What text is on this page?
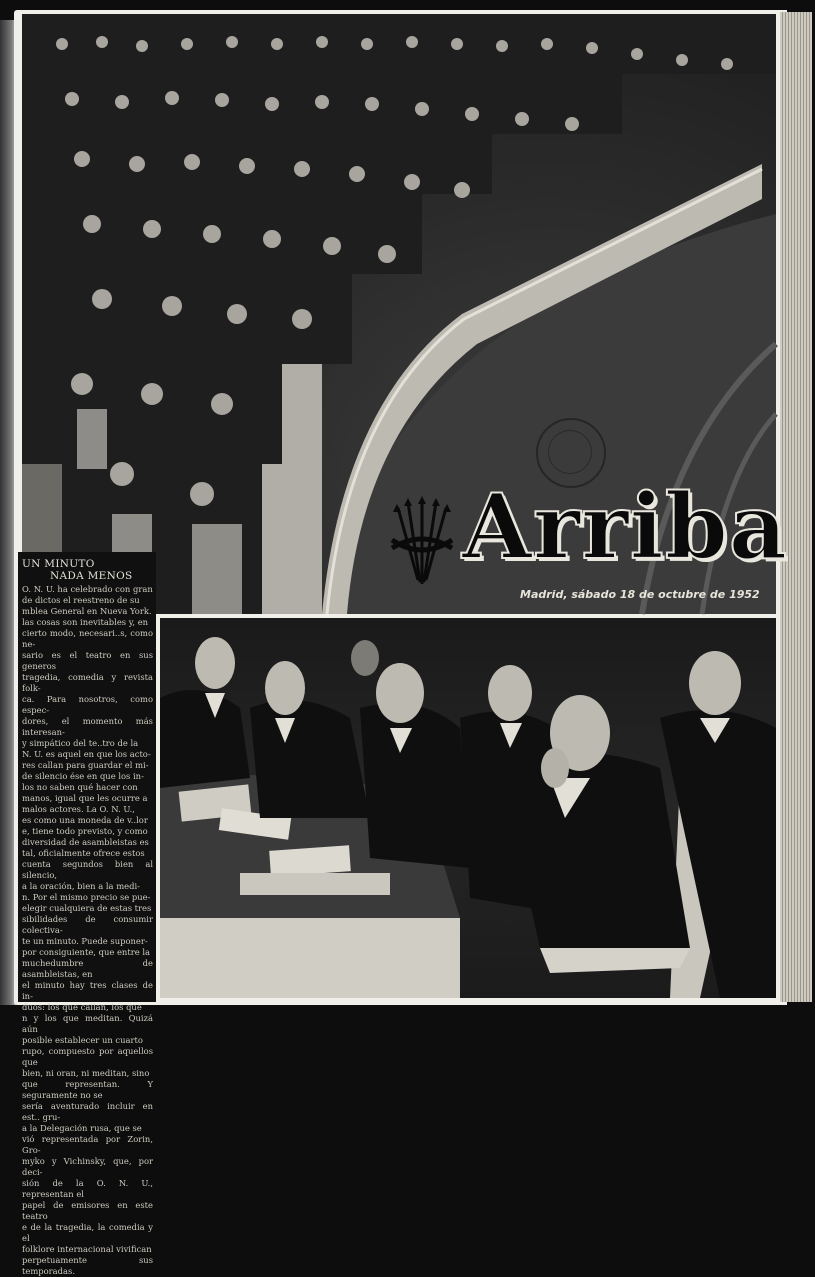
Arriba
Madrid, sábado 18 de octubre de 1952
UN MINUTO
NADA MENOS
O. N. U. ha celebrado con gran
de dictos el reestreno de su
mblea General en Nueva York.
las cosas son inevitables y, en
cierto modo, necesari..s, como ne-
sario es el teatro en sus generos
tragedia, comedia y revista folk-
ca. Para nosotros, como espec-
dores, el momento más interesan-
y simpático del te..tro de la
N. U. es aquel en que los acto-
res callan para guardar el mi-
de silencio ése en que los in-
los no saben qué hacer con
manos, igual que les ocurre a
malos actores. La O. N. U.,
es como una moneda de v..lor
e, tiene todo previsto, y como
diversidad de asambleistas es
tal, oficialmente ofrece estos
cuenta segundos bien al silencio,
a la oración, bien a la medi-
n. Por el mismo precio se pue-
elegir cualquiera de estas tres
sibilidades de consumir colectiva-
te un minuto. Puede suponer-
por consiguiente, que entre la
muchedumbre de asambleistas, en
el minuto hay tres clases de in-
duos: los que callan, los que
n y los que meditan. Quizá aún
posible establecer un cuarto
rupo, compuesto por aquellos que
bien, ni oran, ni meditan, sino
que representan. Y seguramente no se
sería aventurado incluir en est.. gru-
a la Delegación rusa, que se
vió representada por Zorin, Gro-
myko y Vichinsky, que, por deci-
sión de la O. N. U., representan el
papel de emisores en este teatro
e de la tragedia, la comedia y el
folklore internacional vivifican
perpetuamente sus temporadas.
